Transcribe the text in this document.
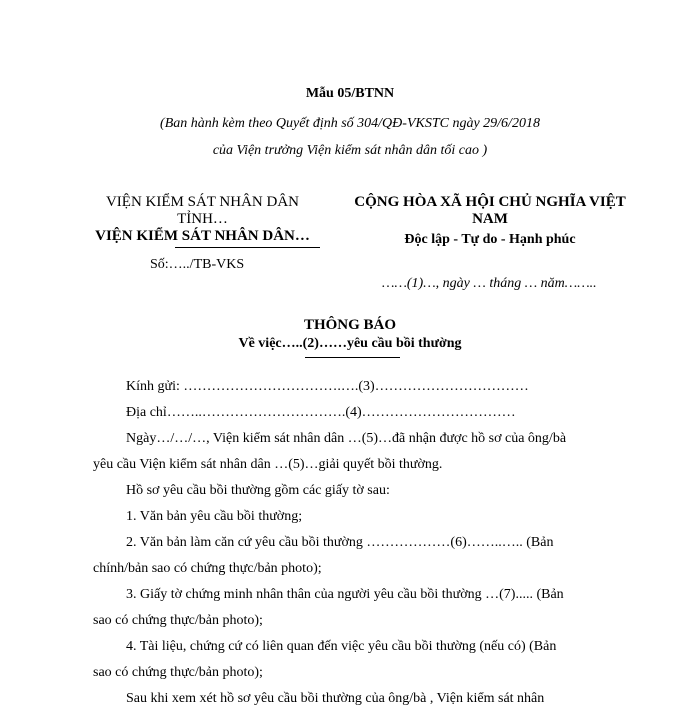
Mẫu 05/BTNN
(Ban hành kèm theo Quyết định số 304/QĐ-VKSTC ngày 29/6/2018
của Viện trưởng Viện kiểm sát nhân dân tối cao )
VIỆN KIỂM SÁT NHÂN DÂN
TỈNH…
VIỆN KIỂM SÁT NHÂN DÂN…
Số:…../TB-VKS
CỘNG HÒA XÃ HỘI CHỦ NGHĨA VIỆT
NAM
Độc lập - Tự do - Hạnh phúc
……(1)…, ngày … tháng … năm……..
THÔNG BÁO
Về việc…..(2)……yêu cầu bồi thường
Kính gửi: …………………………….….(3)……………………………
Địa chỉ……..………………………….(4)……………………………
Ngày…/…/…, Viện kiểm sát nhân dân …(5)…đã nhận được hồ sơ của ông/bà
yêu cầu Viện kiểm sát nhân dân …(5)…giải quyết bồi thường.
Hồ sơ yêu cầu bồi thường gồm các giấy tờ sau:
1. Văn bản yêu cầu bồi thường;
2. Văn bản làm căn cứ yêu cầu bồi thường ………………(6)……..….. (Bản
chính/bản sao có chứng thực/bản photo);
3. Giấy tờ chứng minh nhân thân của người yêu cầu bồi thường …(7)..... (Bản
sao có chứng thực/bản photo);
4. Tài liệu, chứng cứ có liên quan đến việc yêu cầu bồi thường (nếu có) (Bản
sao có chứng thực/bản photo);
Sau khi xem xét hồ sơ yêu cầu bồi thường của ông/bà , Viện kiểm sát nhân
